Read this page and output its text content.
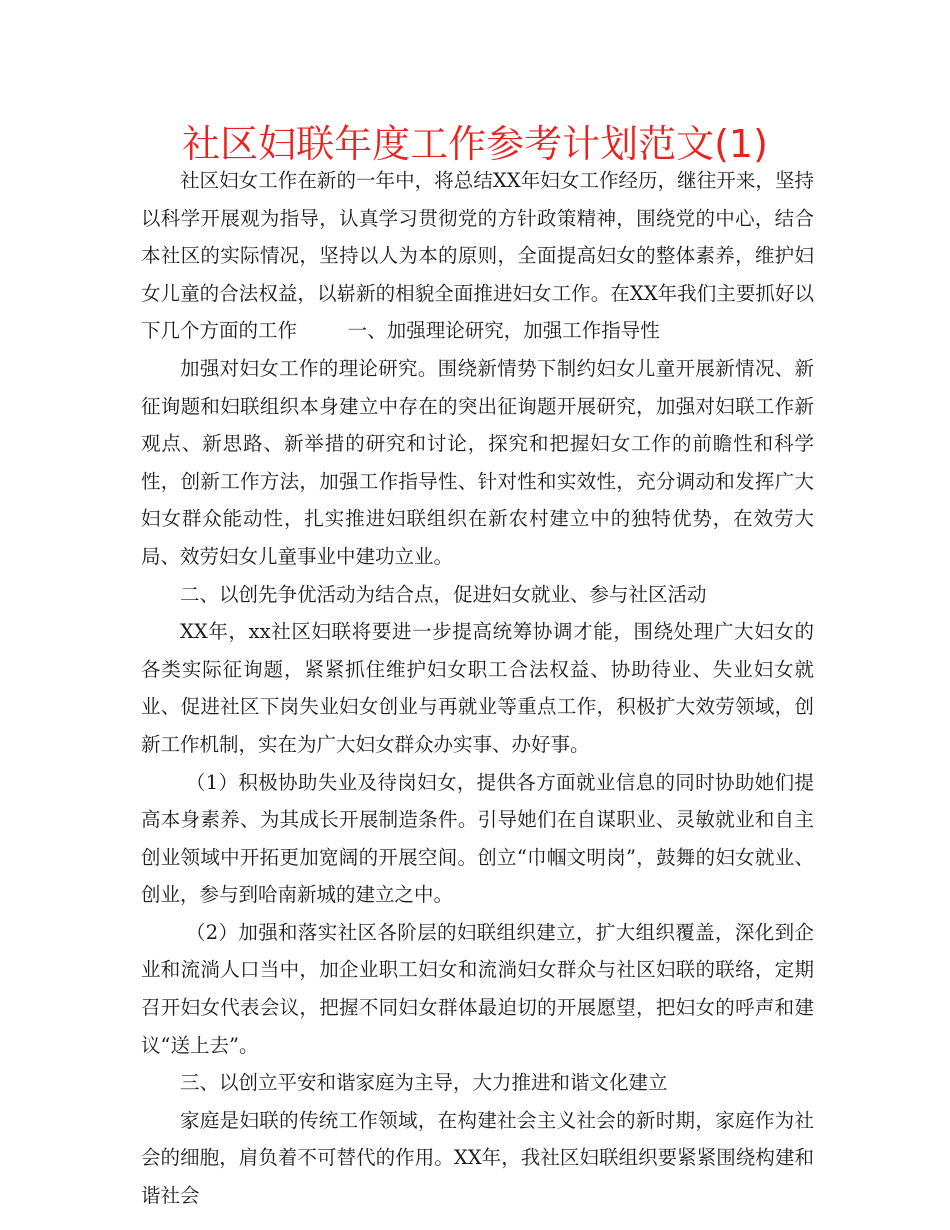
社区妇联年度工作参考计划范文(1)

社区妇女工作在新的一年中，将总结XX年妇女工作经历，继往开来，坚持以科学开展观为指导，认真学习贯彻党的方针政策精神，围绕党的中心，结合本社区的实际情况，坚持以人为本的原则，全面提高妇女的整体素养，维护妇女儿童的合法权益，以崭新的相貌全面推进妇女工作。在XX年我们主要抓好以下几个方面的工作	一、加强理论研究，加强工作指导性

加强对妇女工作的理论研究。围绕新情势下制约妇女儿童开展新情况、新征询题和妇联组织本身建立中存在的突出征询题开展研究，加强对妇联工作新观点、新思路、新举措的研究和讨论，探究和把握妇女工作的前瞻性和科学性，创新工作方法，加强工作指导性、针对性和实效性，充分调动和发挥广大妇女群众能动性，扎实推进妇联组织在新农村建立中的独特优势，在效劳大局、效劳妇女儿童事业中建功立业。

二、以创先争优活动为结合点，促进妇女就业、参与社区活动

XX年，xx社区妇联将要进一步提高统筹协调才能，围绕处理广大妇女的各类实际征询题，紧紧抓住维护妇女职工合法权益、协助待业、失业妇女就业、促进社区下岗失业妇女创业与再就业等重点工作，积极扩大效劳领域，创新工作机制，实在为广大妇女群众办实事、办好事。

（1）积极协助失业及待岗妇女，提供各方面就业信息的同时协助她们提高本身素养、为其成长开展制造条件。引导她们在自谋职业、灵敏就业和自主创业领域中开拓更加宽阔的开展空间。创立“巾帼文明岗”，鼓舞的妇女就业、创业，参与到哈南新城的建立之中。

（2）加强和落实社区各阶层的妇联组织建立，扩大组织覆盖，深化到企业和流淌人口当中，加企业职工妇女和流淌妇女群众与社区妇联的联络，定期召开妇女代表会议，把握不同妇女群体最迫切的开展愿望，把妇女的呼声和建议“送上去”。

三、以创立平安和谐家庭为主导，大力推进和谐文化建立

家庭是妇联的传统工作领域，在构建社会主义社会的新时期，家庭作为社会的细胞，肩负着不可替代的作用。XX年，我社区妇联组织要紧紧围绕构建和谐社会
